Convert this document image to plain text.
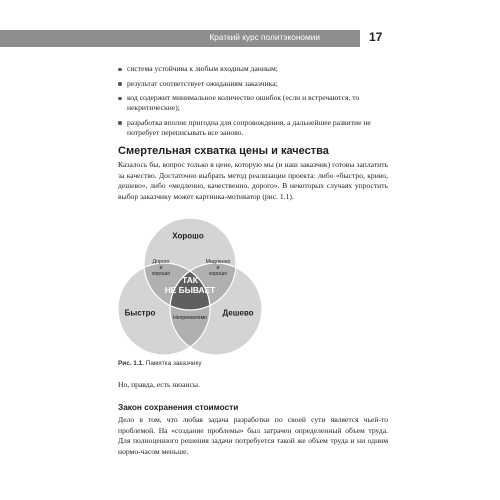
Краткий курс политэкономии	17
система устойчива к любым входным данным;
результат соответствует ожиданиям заказчика;
код содержит минимальное количество ошибок (если и встречаются, то некритические);
разработка вполне пригодна для сопровождения, а дальнейшее развитие не потребует переписывать все заново.
Смертельная схватка цены и качества

Казалось бы, вопрос только в цене, которую мы (и наш заказчик) готовы заплатить за качество. Достаточно выбрать метод реализации проекта: либо «быстро, криво, дешево», либо «медленно, качественно, дорого». В некоторых случаях упростить выбор заказчику может картинка-мотиватор (рис. 1.1).

Хорошо
Быстро	Дешево
Дорого
и
хорошо
Медленно
и
хорошо
Неприемлемо
ТАК
НЕ БЫВАЕТ
Рис. 1.1. Памятка заказчику

Но, правда, есть нюансы.

Закон сохранения стоимости

Дело в том, что любая задача разработки по своей сути является чьей-то проблемой. На «создание проблемы» был затрачен определенный объем труда. Для полноценного решения задачи потребуется такой же объем труда и ни одним нормо-часом меньше.
